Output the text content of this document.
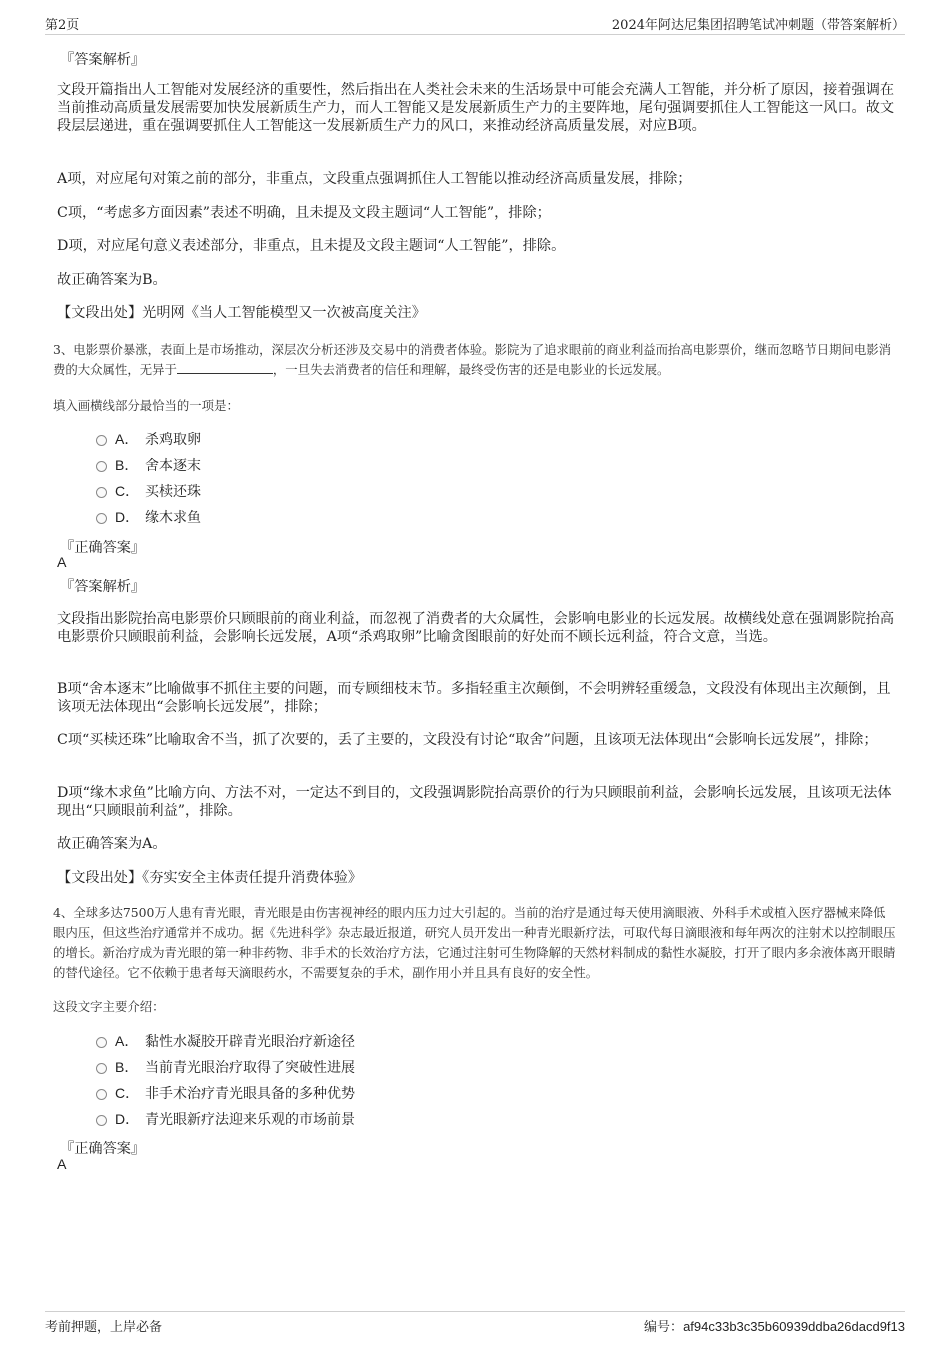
第2页	2024年阿达尼集团招聘笔试冲刺题（带答案解析）
『答案解析』
文段开篇指出人工智能对发展经济的重要性，然后指出在人类社会未来的生活场景中可能会充满人工智能，并分析了原因，接着强调在当前推动高质量发展需要加快发展新质生产力，而人工智能又是发展新质生产力的主要阵地，尾句强调要抓住人工智能这一风口。故文段层层递进，重在强调要抓住人工智能这一发展新质生产力的风口，来推动经济高质量发展，对应B项。
A项，对应尾句对策之前的部分，非重点，文段重点强调抓住人工智能以推动经济高质量发展，排除；
C项，“考虑多方面因素”表述不明确，且未提及文段主题词“人工智能”，排除；
D项，对应尾句意义表述部分，非重点，且未提及文段主题词“人工智能”，排除。
故正确答案为B。
【文段出处】光明网《当人工智能模型又一次被高度关注》
3、电影票价暴涨，表面上是市场推动，深层次分析还涉及交易中的消费者体验。影院为了追求眼前的商业利益而抬高电影票价，继而忽略节日期间电影消费的大众属性，无异于	，一旦失去消费者的信任和理解，最终受伤害的还是电影业的长远发展。
填入画横线部分最恰当的一项是：
A． 杀鸡取卵
B． 舍本逐末
C． 买椟还珠
D． 缘木求鱼
『正确答案』
A
『答案解析』
文段指出影院抬高电影票价只顾眼前的商业利益，而忽视了消费者的大众属性，会影响电影业的长远发展。故横线处意在强调影院抬高电影票价只顾眼前利益，会影响长远发展，A项“杀鸡取卵”比喻贪图眼前的好处而不顾长远利益，符合文意，当选。
B项“舍本逐末”比喻做事不抓住主要的问题，而专顾细枝末节。多指轻重主次颠倒，不会明辨轻重缓急，文段没有体现出主次颠倒，且该项无法体现出“会影响长远发展”，排除；
C项“买椟还珠”比喻取舍不当，抓了次要的，丢了主要的，文段没有讨论“取舍”问题，且该项无法体现出“会影响长远发展”，排除；
D项“缘木求鱼”比喻方向、方法不对，一定达不到目的，文段强调影院抬高票价的行为只顾眼前利益，会影响长远发展，且该项无法体现出“只顾眼前利益”，排除。
故正确答案为A。
【文段出处】《夯实安全主体责任提升消费体验》
4、全球多达7500万人患有青光眼，青光眼是由伤害视神经的眼内压力过大引起的。当前的治疗是通过每天使用滴眼液、外科手术或植入医疗器械来降低眼内压，但这些治疗通常并不成功。据《先进科学》杂志最近报道，研究人员开发出一种青光眼新疗法，可取代每日滴眼液和每年两次的注射术以控制眼压的增长。新治疗成为青光眼的第一种非药物、非手术的长效治疗方法，它通过注射可生物降解的天然材料制成的黏性水凝胶，打开了眼内多余液体离开眼睛的替代途径。它不依赖于患者每天滴眼药水，不需要复杂的手术，副作用小并且具有良好的安全性。
这段文字主要介绍：
A． 黏性水凝胶开辟青光眼治疗新途径
B． 当前青光眼治疗取得了突破性进展
C． 非手术治疗青光眼具备的多种优势
D． 青光眼新疗法迎来乐观的市场前景
『正确答案』
A
考前押题，上岸必备	编号：af94c33b3c35b60939ddba26dacd9f13
